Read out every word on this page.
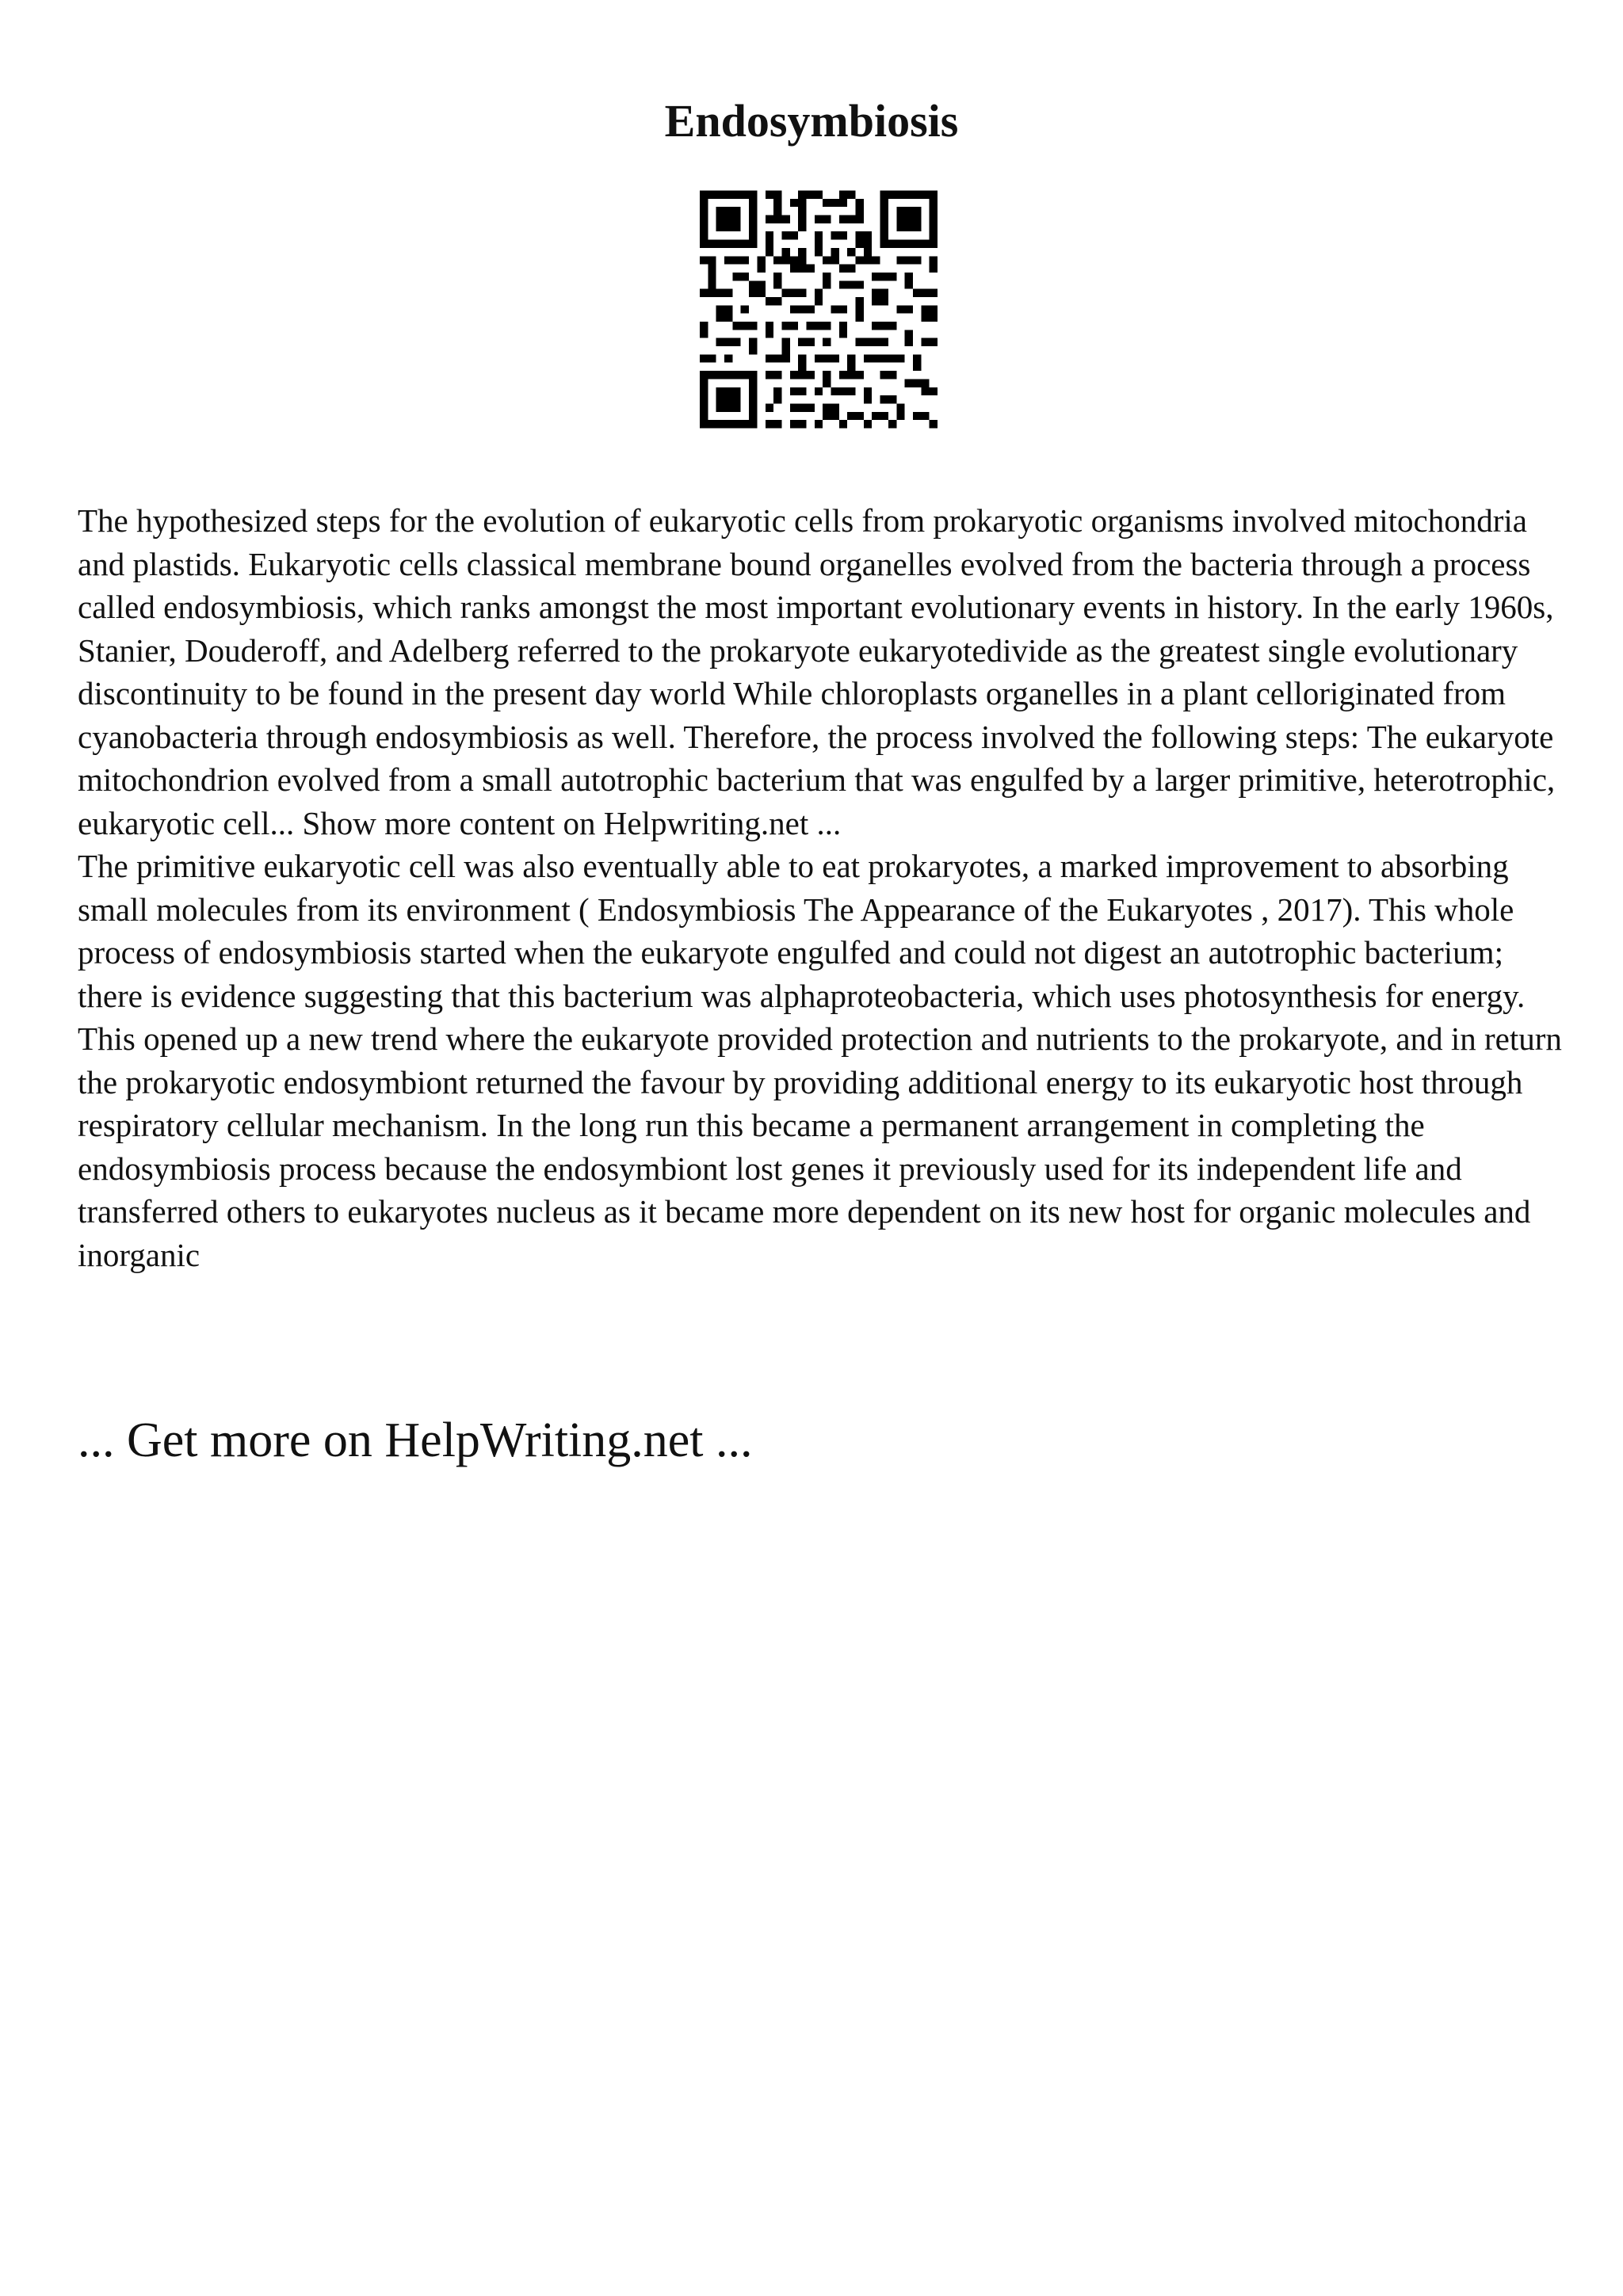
Endosymbiosis

The hypothesized steps for the evolution of eukaryotic cells from prokaryotic organisms involved mitochondria and plastids. Eukaryotic cells classical membrane bound organelles evolved from the bacteria through a process called endosymbiosis, which ranks amongst the most important evolutionary events in history. In the early 1960s, Stanier, Douderoff, and Adelberg referred to the prokaryote eukaryotedivide as the greatest single evolutionary discontinuity to be found in the present day world While chloroplasts organelles in a plant celloriginated from cyanobacteria through endosymbiosis as well. Therefore, the process involved the following steps: The eukaryote mitochondrion evolved from a small autotrophic bacterium that was engulfed by a larger primitive, heterotrophic, eukaryotic cell... Show more content on Helpwriting.net ...

The primitive eukaryotic cell was also eventually able to eat prokaryotes, a marked improvement to absorbing small molecules from its environment ( Endosymbiosis The Appearance of the Eukaryotes , 2017). This whole process of endosymbiosis started when the eukaryote engulfed and could not digest an autotrophic bacterium; there is evidence suggesting that this bacterium was alphaproteobacteria, which uses photosynthesis for energy. This opened up a new trend where the eukaryote provided protection and nutrients to the prokaryote, and in return the prokaryotic endosymbiont returned the favour by providing additional energy to its eukaryotic host through respiratory cellular mechanism. In the long run this became a permanent arrangement in completing the endosymbiosis process because the endosymbiont lost genes it previously used for its independent life and transferred others to eukaryotes nucleus as it became more dependent on its new host for organic molecules and inorganic

... Get more on HelpWriting.net ...
